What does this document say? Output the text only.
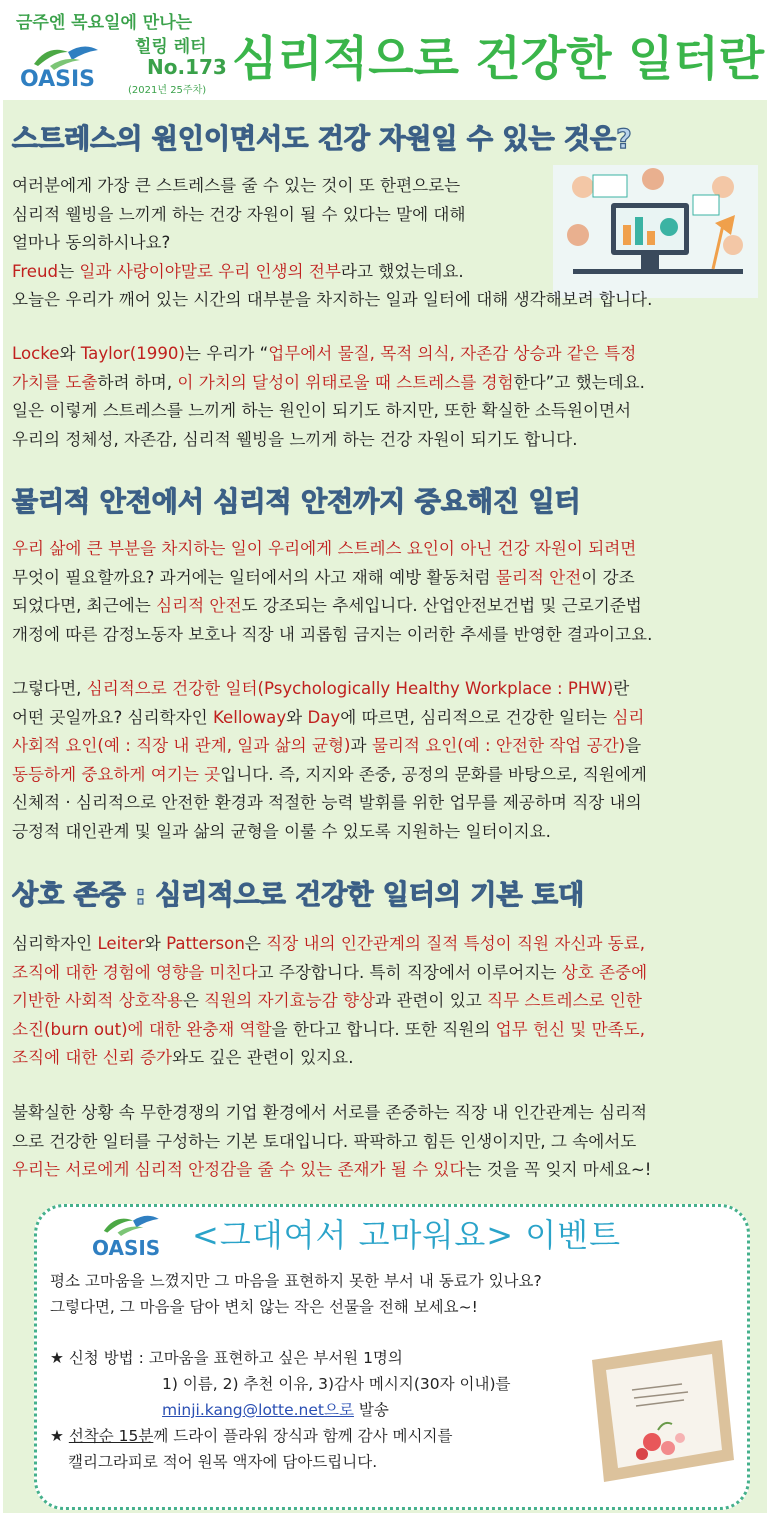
금주엔 목요일에 만나는
힐링 레터
No.173
(2021년 25주차)
OASIS	심리적으로 건강한 일터란
스트레스의 원인이면서도 건강 자원일 수 있는 것은?
여러분에게 가장 큰 스트레스를 줄 수 있는 것이 또 한편으로는
심리적 웰빙을 느끼게 하는 건강 자원이 될 수 있다는 말에 대해
얼마나 동의하시나요?
Freud는 일과 사랑이야말로 우리 인생의 전부라고 했었는데요.
오늘은 우리가 깨어 있는 시간의 대부분을 차지하는 일과 일터에 대해 생각해보려 합니다.
Locke와 Taylor(1990)는 우리가 “업무에서 물질, 목적 의식, 자존감 상승과 같은 특정
가치를 도출하려 하며, 이 가치의 달성이 위태로울 때 스트레스를 경험한다”고 했는데요.
일은 이렇게 스트레스를 느끼게 하는 원인이 되기도 하지만, 또한 확실한 소득원이면서
우리의 정체성, 자존감, 심리적 웰빙을 느끼게 하는 건강 자원이 되기도 합니다.
물리적 안전에서 심리적 안전까지 중요해진 일터
우리 삶에 큰 부분을 차지하는 일이 우리에게 스트레스 요인이 아닌 건강 자원이 되려면
무엇이 필요할까요? 과거에는 일터에서의 사고 재해 예방 활동처럼 물리적 안전이 강조
되었다면, 최근에는 심리적 안전도 강조되는 추세입니다. 산업안전보건법 및 근로기준법
개정에 따른 감정노동자 보호나 직장 내 괴롭힘 금지는 이러한 추세를 반영한 결과이고요.
그렇다면, 심리적으로 건강한 일터(Psychologically Healthy Workplace : PHW)란
어떤 곳일까요? 심리학자인 Kelloway와 Day에 따르면, 심리적으로 건강한 일터는 심리
사회적 요인(예 : 직장 내 관계, 일과 삶의 균형)과 물리적 요인(예 : 안전한 작업 공간)을
동등하게 중요하게 여기는 곳입니다. 즉, 지지와 존중, 공정의 문화를 바탕으로, 직원에게
신체적 · 심리적으로 안전한 환경과 적절한 능력 발휘를 위한 업무를 제공하며 직장 내의
긍정적 대인관계 및 일과 삶의 균형을 이룰 수 있도록 지원하는 일터이지요.
상호 존중 : 심리적으로 건강한 일터의 기본 토대
심리학자인 Leiter와 Patterson은 직장 내의 인간관계의 질적 특성이 직원 자신과 동료,
조직에 대한 경험에 영향을 미친다고 주장합니다. 특히 직장에서 이루어지는 상호 존중에
기반한 사회적 상호작용은 직원의 자기효능감 향상과 관련이 있고 직무 스트레스로 인한
소진(burn out)에 대한 완충재 역할을 한다고 합니다. 또한 직원의 업무 헌신 및 만족도,
조직에 대한 신뢰 증가와도 깊은 관련이 있지요.
불확실한 상황 속 무한경쟁의 기업 환경에서 서로를 존중하는 직장 내 인간관계는 심리적
으로 건강한 일터를 구성하는 기본 토대입니다. 팍팍하고 힘든 인생이지만, 그 속에서도
우리는 서로에게 심리적 안정감을 줄 수 있는 존재가 될 수 있다는 것을 꼭 잊지 마세요~!
OASIS <그대여서 고마워요> 이벤트
평소 고마움을 느꼈지만 그 마음을 표현하지 못한 부서 내 동료가 있나요?
그렇다면, 그 마음을 담아 변치 않는 작은 선물을 전해 보세요~!
★ 신청 방법 : 고마움을 표현하고 싶은 부서원 1명의
1) 이름, 2) 추천 이유, 3)감사 메시지(30자 이내)를
minji.kang@lotte.net으로 발송
★ 선착순 15분께 드라이 플라워 장식과 함께 감사 메시지를
캘리그라피로 적어 원목 액자에 담아드립니다.
